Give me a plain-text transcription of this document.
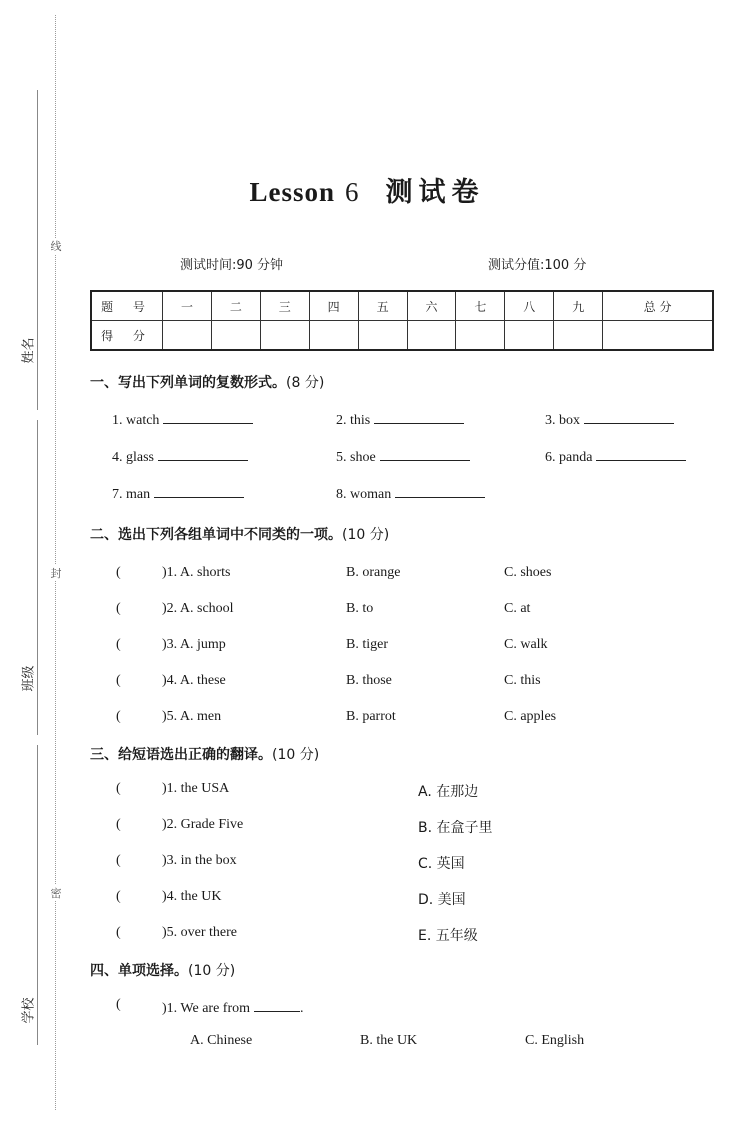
线
封
密
姓名
班级
学校
Lesson 6 测试卷
测试时间:90 分钟	测试分值:100 分
题 号	一	二	三	四	五	六	七	八	九	总 分
得 分										
一、写出下列单词的复数形式。(8 分)
1. watch	2. this	3. box
4. glass	5. shoe	6. panda
7. man	8. woman
二、选出下列各组单词中不同类的一项。(10 分)
(	)1. A. shorts	B. orange	C. shoes
(	)2. A. school	B. to	C. at
(	)3. A. jump	B. tiger	C. walk
(	)4. A. these	B. those	C. this
(	)5. A. men	B. parrot	C. apples
三、给短语选出正确的翻译。(10 分)
(	)1. the USA	A. 在那边
(	)2. Grade Five	B. 在盒子里
(	)3. in the box	C. 英国
(	)4. the UK	D. 美国
(	)5. over there	E. 五年级
四、单项选择。(10 分)
(	)1. We are from	.
A. Chinese	B. the UK	C. English
